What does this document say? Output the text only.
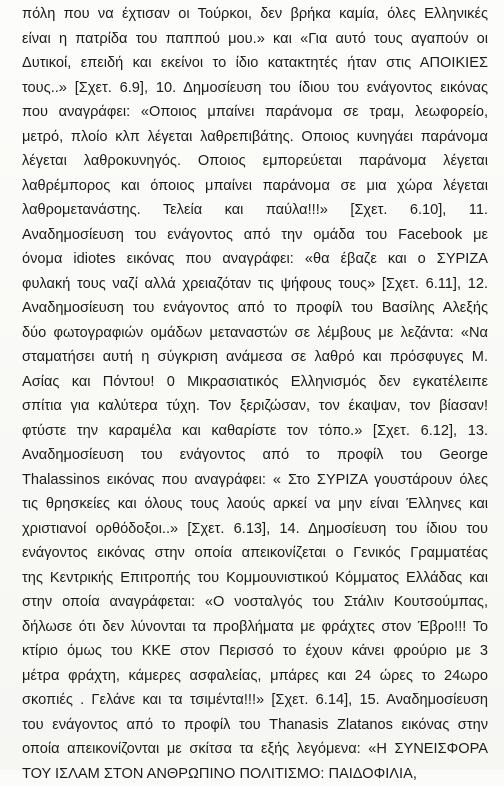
πόλη που να έχτισαν οι Τούρκοι, δεν βρήκα καμία, όλες Ελληνικές
είναι η πατρίδα του παππού μου.» και «Για αυτό τους αγαπούν οι
Δυτικοί, επειδή και εκείνοι το ίδιο κατακτητές ήταν στις ΑΠΟΙΚΙΕΣ
τους..» [Σχετ. 6.9], 10. Δημοσίευση του ίδιου του ενάγοντος εικόνας
που αναγράφει: «Οποιος μπαίνει παράνομα σε τραμ, λεωφορείο,
μετρό, πλοίο κλπ λέγεται λαθρεπιβάτης. Οποιος κυνηγάει παράνομα
λέγεται λαθροκυνηγός. Οποιος εμπορεύεται παράνομα λέγεται
λαθρέμπορος και όποιος μπαίνει παράνομα σε μια χώρα λέγεται
λαθρομετανάστης. Τελεία και παύλα!!!» [Σχετ. 6.10], 11.
Αναδημοσίευση του ενάγοντος από την ομάδα του Facebook με
όνομα idiotes εικόνας που αναγράφει: «θα έβαζε και ο ΣΥΡΙΖΑ
φυλακή τους ναζί αλλά χρειαζόταν τις ψήφους τους» [Σχετ. 6.11], 12.
Αναδημοσίευση του ενάγοντος από το προφίλ του Βασίλης Αλεξής
δύο φωτογραφιών ομάδων μεταναστών σε λέμβους με λεζάντα: «Να
σταματήσει αυτή η σύγκριση ανάμεσα σε λαθρό και πρόσφυγες Μ.
Ασίας και Πόντου! 0 Μικρασιατικός Ελληνισμός δεν εγκατέλειπε
σπίτια για καλύτερα τύχη. Τον ξεριζώσαν, τον έκαψαν, τον βίασαν!
φτύστε την καραμέλα και καθαρίστε τον τόπο.» [Σχετ. 6.12], 13.
Αναδημοσίευση του ενάγοντος από το προφίλ του George
Thalassinos εικόνας που αναγράφει: « Στο ΣΥΡΙΖΑ γουστάρουν όλες
τις θρησκείες και όλους τους λαούς αρκεί να μην είναι Έλληνες και
χριστιανοί ορθόδοξοι..» [Σχετ. 6.13], 14. Δημοσίευση του ίδιου του
ενάγοντος εικόνας στην οποία απεικονίζεται ο Γενικός Γραμματέας
της Κεντρικής Επιτροπής του Κομμουνιστικού Κόμματος Ελλάδας και
στην οποία αναγράφεται: «Ο νοσταλγός του Στάλιν Κουτσούμπας,
δήλωσε ότι δεν λύνονται τα προβλήματα με φράχτες στον Έβρο!!! Το
κτίριο όμως του ΚΚΕ στον Περισσό το έχουν κάνει φρούριο με 3
μέτρα φράχτη, κάμερες ασφαλείας, μπάρες και 24 ώρες το 24ωρο
σκοπιές . Γελάνε και τα τσιμέντα!!!» [Σχετ. 6.14], 15. Αναδημοσίευση
του ενάγοντος από το προφίλ του Thanasis Zlatanos εικόνας στην
οποία απεικονίζονται με σκίτσα τα εξής λεγόμενα: «Η ΣΥΝΕΙΣΦΟΡΑ
ΤΟΥ ΙΣΛΑΜ ΣΤΟΝ ΑΝΘΡΩΠΙΝΟ ΠΟΛΙΤΙΣΜΟ: ΠΑΙΔΟΦΙΛΙΑ,
